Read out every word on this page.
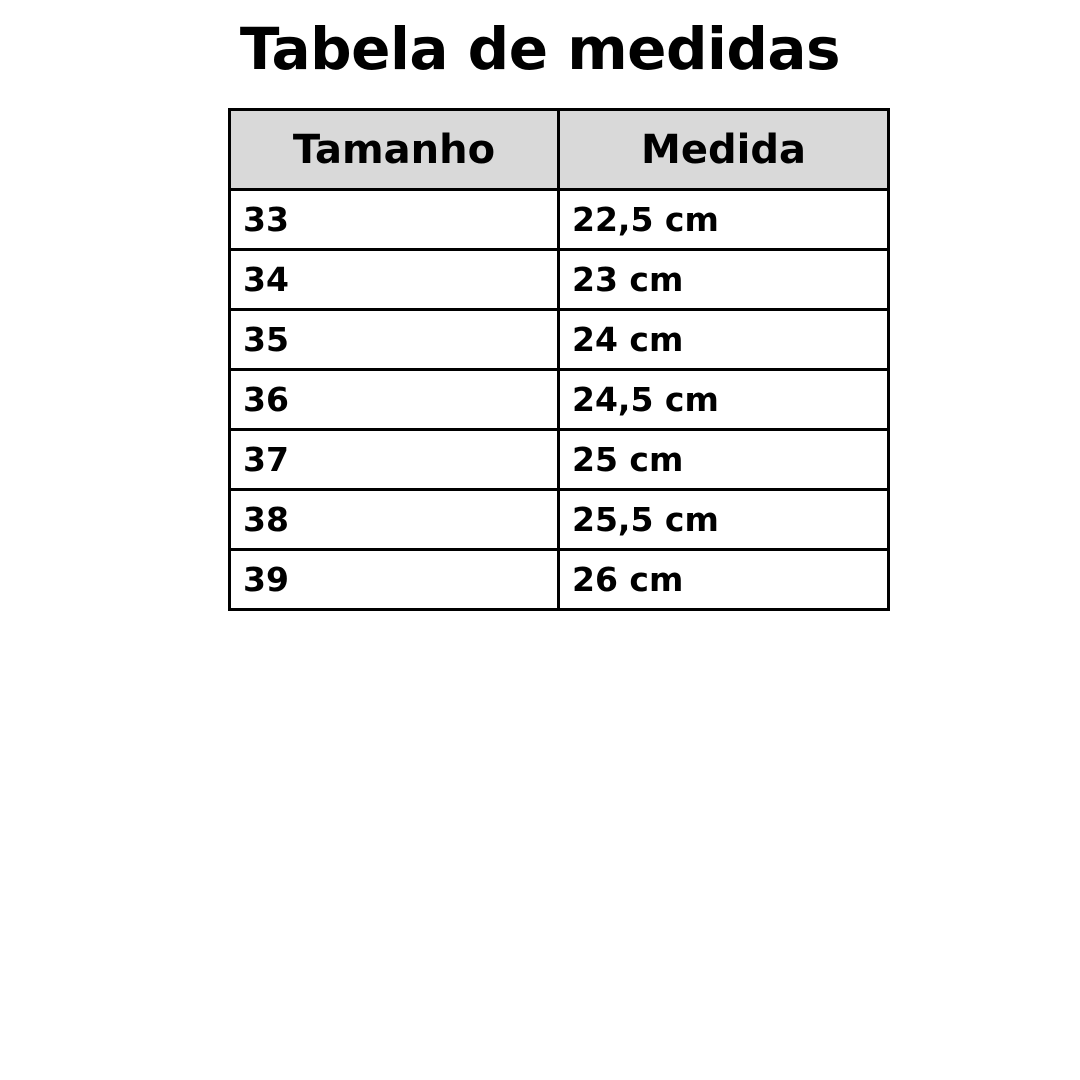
Tabela de medidas
Tamanho	Medida
33	22,5 cm
34	23 cm
35	24 cm
36	24,5 cm
37	25 cm
38	25,5 cm
39	26 cm
